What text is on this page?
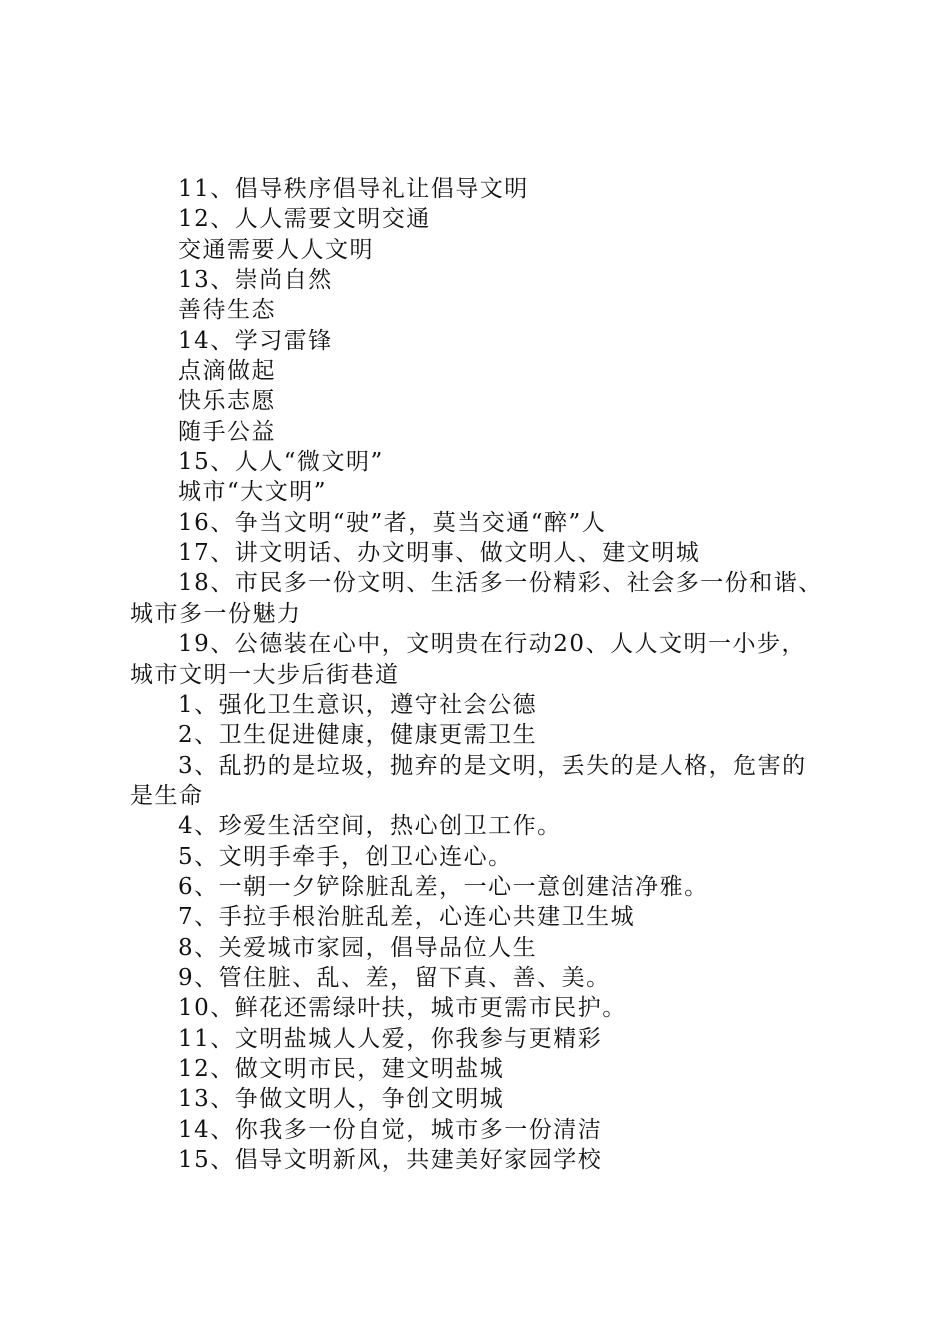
11、倡导秩序倡导礼让倡导文明
12、人人需要文明交通
交通需要人人文明
13、崇尚自然
善待生态
14、学习雷锋
点滴做起
快乐志愿
随手公益
15、人人“微文明”
城市“大文明”
16、争当文明“驶”者，莫当交通“醉”人
17、讲文明话、办文明事、做文明人、建文明城
18、市民多一份文明、生活多一份精彩、社会多一份和谐、
城市多一份魅力
19、公德装在心中，文明贵在行动20、人人文明一小步，
城市文明一大步后街巷道
1、强化卫生意识，遵守社会公德
2、卫生促进健康，健康更需卫生
3、乱扔的是垃圾，抛弃的是文明，丢失的是人格，危害的
是生命
4、珍爱生活空间，热心创卫工作。
5、文明手牵手，创卫心连心。
6、一朝一夕铲除脏乱差，一心一意创建洁净雅。
7、手拉手根治脏乱差，心连心共建卫生城
8、关爱城市家园，倡导品位人生
9、管住脏、乱、差，留下真、善、美。
10、鲜花还需绿叶扶，城市更需市民护。
11、文明盐城人人爱，你我参与更精彩
12、做文明市民，建文明盐城
13、争做文明人，争创文明城
14、你我多一份自觉，城市多一份清洁
15、倡导文明新风，共建美好家园学校
